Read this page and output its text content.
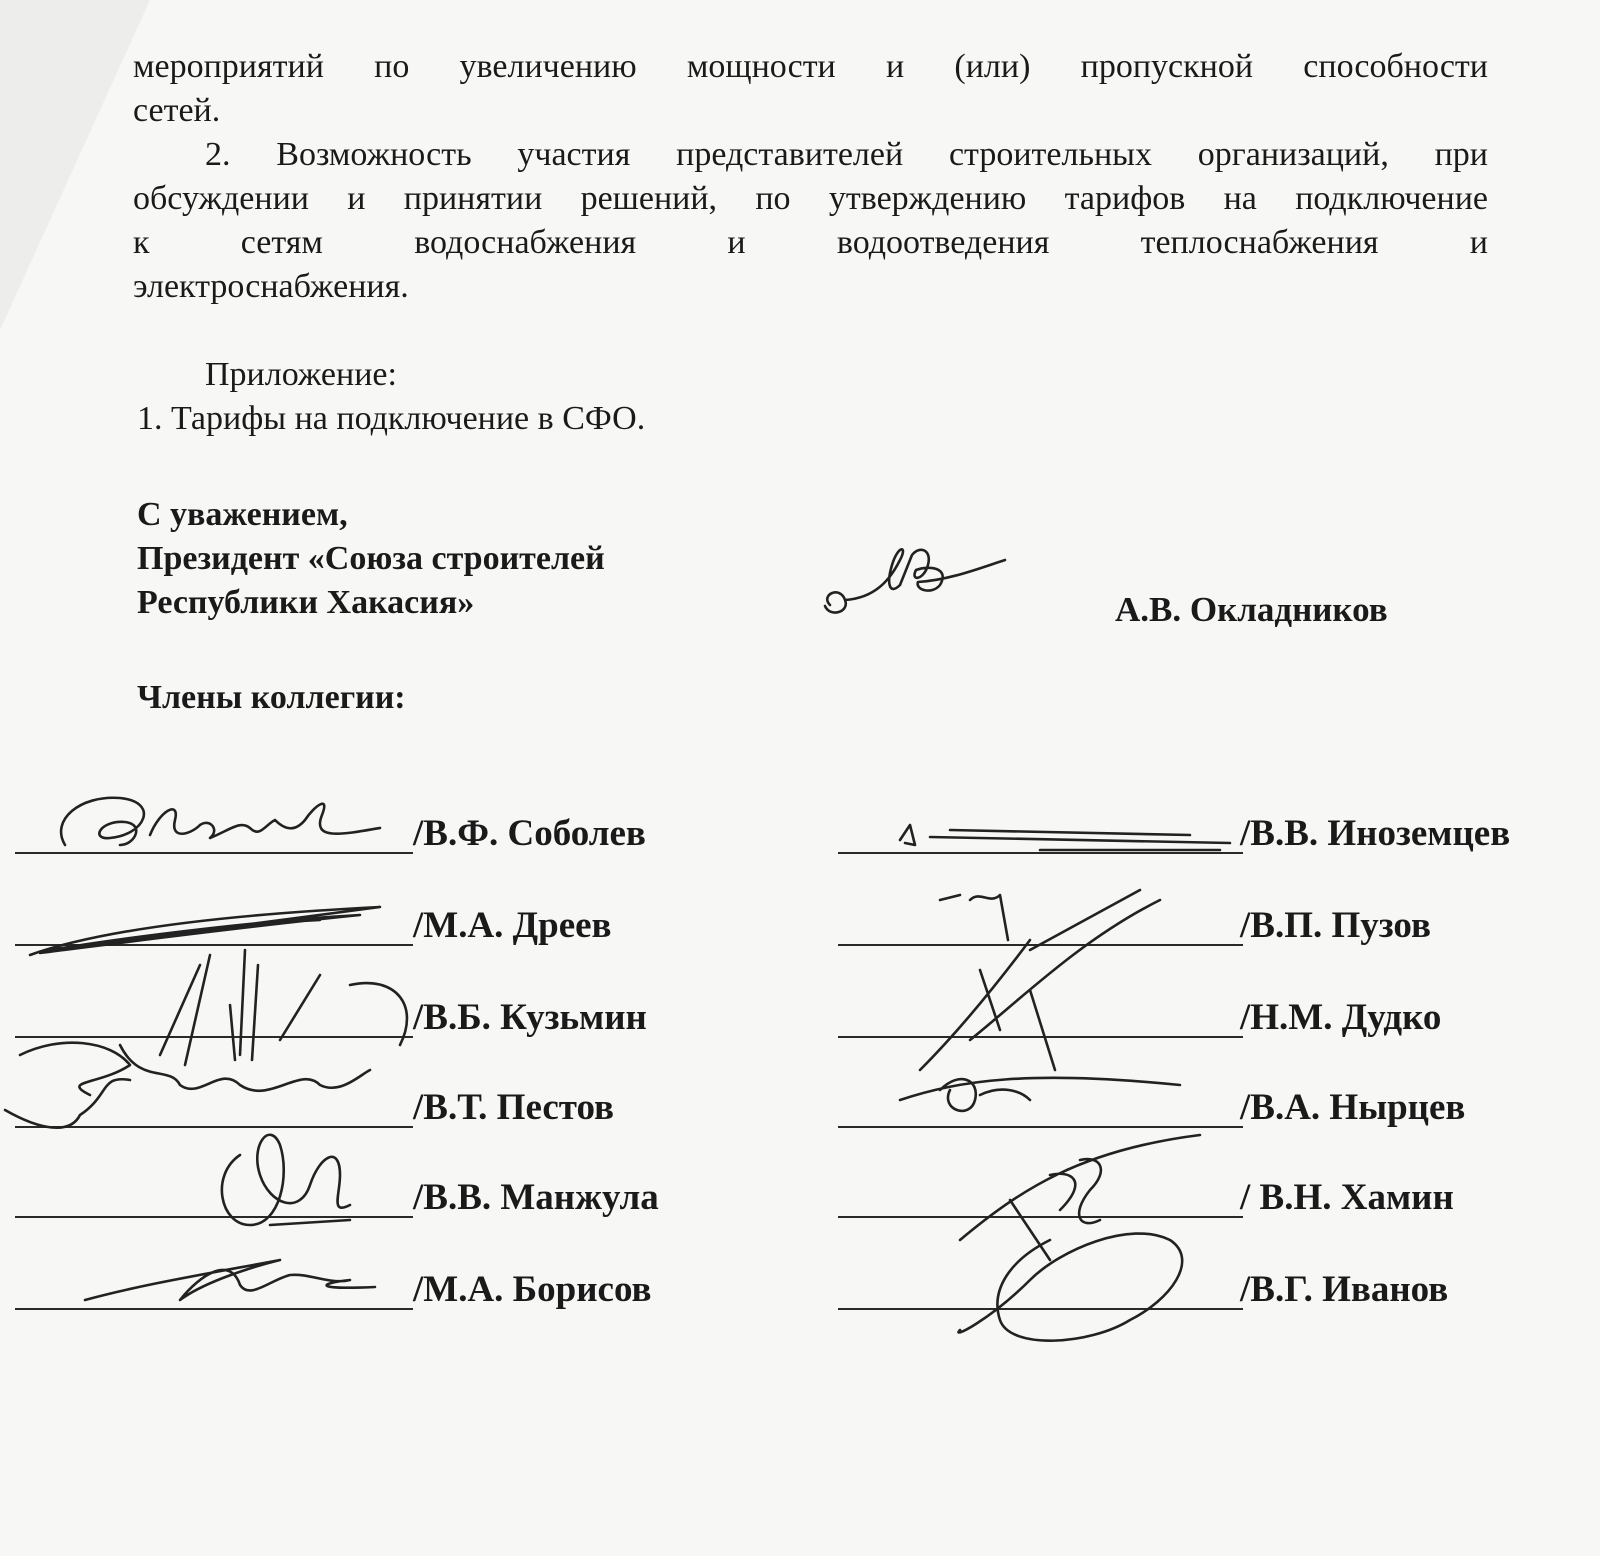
мероприятий по увеличению мощности и (или) пропускной способности

сетей.

2. Возможность участия представителей строительных организаций, при

обсуждении и принятии решений, по утверждению тарифов на подключение

к сетям водоснабжения и водоотведения теплоснабжения и

электроснабжения.

Приложение:

1. Тарифы на подключение в СФО.

С уважением,

Президент «Союза строителей

Республики Хакасия»	А.В. Окладников

Члены коллегии:

/В.Ф. Соболев
/М.А. Дреев
/В.Б. Кузьмин
/В.Т. Пестов
/В.В. Манжула
/М.А. Борисов
/В.В. Иноземцев
/В.П. Пузов
/Н.М. Дудко
/В.А. Нырцев
/ В.Н. Хамин
/В.Г. Иванов
